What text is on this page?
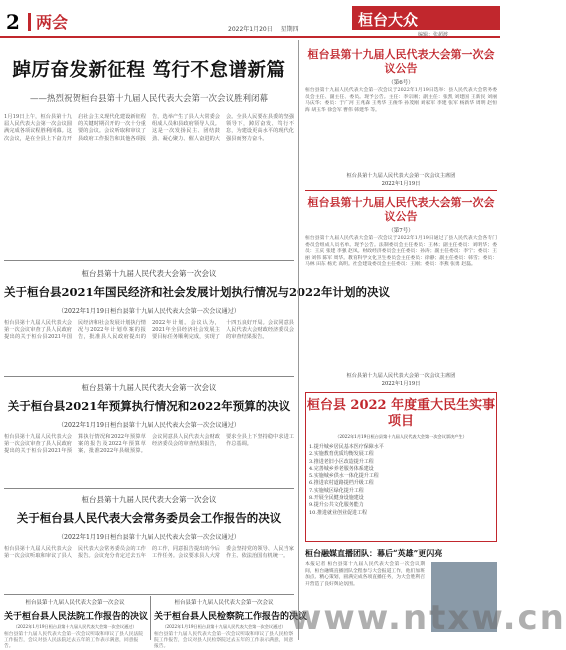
2 两会	2022年1月20日 星期四
桓台大众
编辑：张超渡
踔厉奋发新征程 笃行不怠谱新篇
——热烈祝贺桓台县第十九届人民代表大会第一次会议胜利闭幕
1月19日上午，桓台县第十九届人民代表大会第一次会议圆满完成各项议程胜利闭幕。这次会议，是在全县上下奋力开启社会主义现代化建设新征程的关键时期召开的一次十分重要的会议。会议听取和审议了县政府工作报告和其他各项报告，选举产生了县人大常委会组成人员和县政府领导人员。这是一次发扬民主、团结鼓劲、凝心聚力、催人奋进的大会。全县人民要在县委的坚强领导下，踔厉奋发、笃行不怠，为建设更高水平的现代化强县而努力奋斗。
桓台县第十九届人民代表大会第一次会议
关于桓台县2021年国民经济和社会发展计划执行情况与2022年计划的决议
（2022年1月19日桓台县第十九届人民代表大会第一次会议通过）
桓台县第十九届人民代表大会第一次会议审查了县人民政府提出的关于桓台县2021年国民经济和社会发展计划执行情况与2022年计划草案的报告，批准县人民政府提出的2022年计划。会议认为，2021年全县经济社会发展主要目标任务顺利完成，实现了十四五良好开局。会议同意县人民代表大会财政经济委员会的审查结果报告。
桓台县第十九届人民代表大会第一次会议
关于桓台县2021年预算执行情况和2022年预算的决议
（2022年1月19日桓台县第十九届人民代表大会第一次会议通过）
桓台县第十九届人民代表大会第一次会议审查了县人民政府提出的关于桓台县2021年预算执行情况和2022年预算草案的报告及2022年预算草案，批准2022年县级预算。会议同意县人民代表大会财政经济委员会的审查结果报告，要求全县上下坚持稳中求进工作总基调。
桓台县第十九届人民代表大会第一次会议
关于桓台县人民代表大会常务委员会工作报告的决议
（2022年1月19日桓台县第十九届人民代表大会第一次会议通过）
桓台县第十九届人民代表大会第一次会议听取和审议了县人民代表大会常务委员会的工作报告。会议充分肯定过去五年的工作，同意报告提出的今后工作任务。会议要求县人大常委会坚持党的领导、人民当家作主、依法治国有机统一。
桓台县第十九届人民代表大会第一次会议
关于桓台县人民法院工作报告的决议
（2022年1月19日桓台县第十九届人民代表大会第一次会议通过）
桓台县第十九届人民代表大会第一次会议听取和审议了县人民法院工作报告，会议对县人民法院过去五年的工作表示满意，同意报告。
桓台县第十九届人民代表大会第一次会议
关于桓台县人民检察院工作报告的决议
（2022年1月19日桓台县第十九届人民代表大会第一次会议通过）
桓台县第十九届人民代表大会第一次会议听取和审议了县人民检察院工作报告，会议对县人民检察院过去五年的工作表示满意，同意报告。
桓台县第十九届人民代表大会第一次会议公告
（第6号）
桓台县第十九届人民代表大会第一次会议于2022年1月19日选举：县人民代表大会常务委员会主任、副主任、委员。现予公告。主任：李宗刚；副主任：张凯 刘建国 王新民 刘丽 马庆华；委员：于广河 王兆森 王秀华 王俊华 孙茂刚 刘家军 李建 张军 杨新华 周明 赵恒海 胡玉华 徐会军 曹伟 韩建华 等。
桓台县第十九届人民代表大会第一次会议主席团
2022年1月19日
桓台县第十九届人民代表大会第一次会议公告
（第7号）
桓台县第十九届人民代表大会第一次会议于2022年1月19日通过了县人民代表大会各专门委员会组成人员名单。现予公告。法制委员会主任委员：王林；副主任委员：刘明华；委员：王庆 张建 李强 赵凤。财政经济委员会主任委员：孙涛；副主任委员：李宁；委员：王丽 刘伟 陈军 周华。教育科学文化卫生委员会主任委员：徐静；副主任委员：韩雪；委员：马林 田东 杨光 高明。社会建设委员会主任委员：王刚；委员：李燕 张勇 赵磊。
桓台县第十九届人民代表大会第一次会议主席团
2022年1月19日
桓台县 2022 年度重大民生实事项目
（2022年1月19日桓台县第十九届人民代表大会第一次会议票决产生）
1.提升城乡居民基本医疗保障水平
2.实施教育优质均衡发展工程
3.推进老旧小区改造提升工程
4.完善城乡养老服务体系建设
5.实施城乡供水一体化提升工程
6.推进农村道路提档升级工程
7.实施城区绿化提升工程
8.开展全民健身设施建设
9.提升公共文化服务能力
10.推进就业创业促进工程
桓台融媒直播团队：幕后“英雄”更闪亮
本报记者 桓台县第十九届人民代表大会第一次会议期间，桓台融媒直播团队全程参与大会报道工作，他们加班加点、精心策划，圆满完成各项直播任务，为大会胜利召开营造了良好舆论氛围。
www.ntxw.cn
